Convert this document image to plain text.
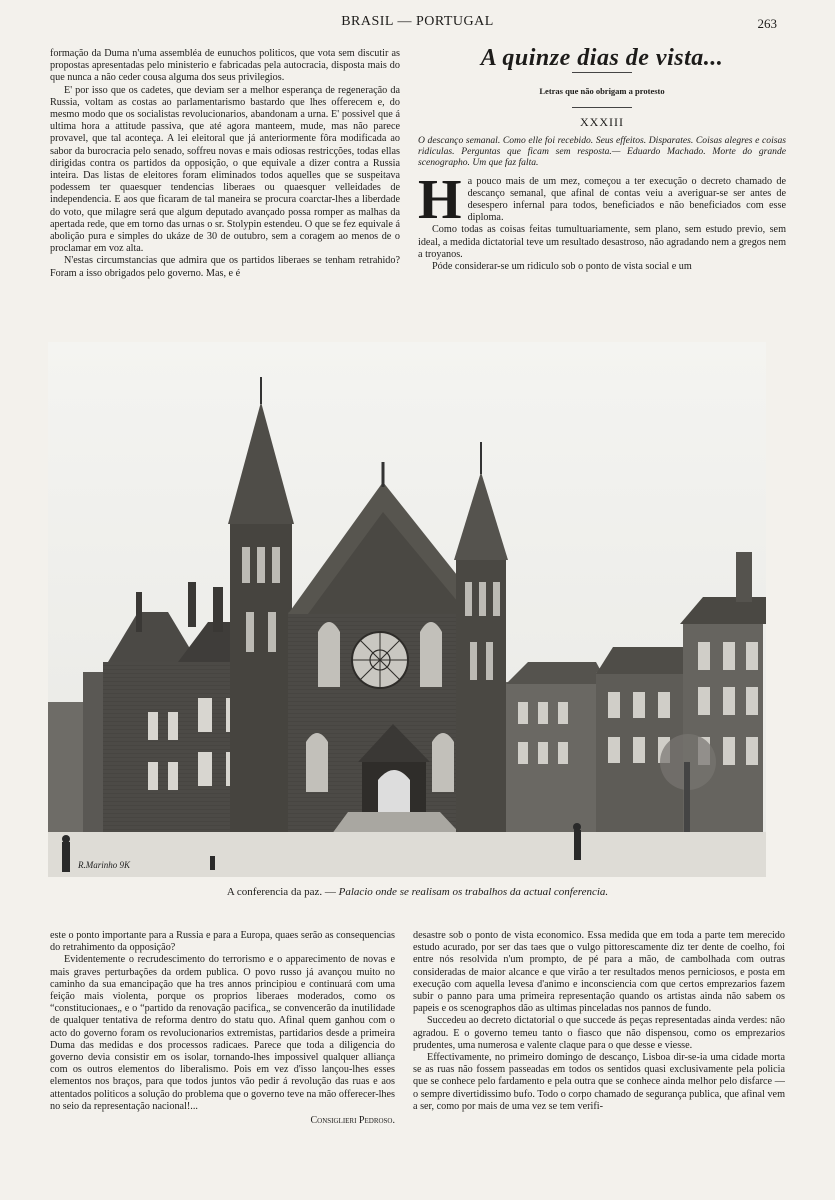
BRASIL — PORTUGAL	263

formação da Duma n'uma assembléa de eunuchos politicos, que vota sem discutir as propostas apresentadas pelo ministerio e fabricadas pela autocracia, disposta mais do que nunca a não ceder cousa alguma dos seus privilegios.

E' por isso que os cadetes, que deviam ser a melhor esperança de regeneração da Russia, voltam as costas ao parlamentarismo bastardo que lhes offerecem e, do mesmo modo que os socialistas revolucionarios, abandonam a urna. E' possivel que á ultima hora a attitude passiva, que até agora manteem, mude, mas não parece provavel, que tal aconteça. A lei eleitoral que já anteriormente fôra modificada ao sabor da burocracia pelo senado, soffreu novas e mais odiosas restricções, todas ellas dirigidas contra os partidos da opposição, o que equivale a dizer contra a Russia inteira. Das listas de eleitores foram eliminados todos aquelles que se suspeitava podessem ter quaesquer tendencias liberaes ou quaesquer velleidades de independencia. E aos que ficaram de tal maneira se procura coarctar-lhes a liberdade do voto, que milagre será que algum deputado avançado possa romper as malhas da apertada rede, que em torno das urnas o sr. Stolypin estendeu. O que se fez equivale á abolição pura e simples do ukáze de 30 de outubro, sem a coragem ao menos de o proclamar em voz alta.

N'estas circumstancias que admira que os partidos liberaes se tenham retrahido? Foram a isso obrigados pelo governo. Mas, e é

A quinze dias de vista...
Letras que não obrigam a protesto
XXXIII
O descanço semanal. Como elle foi recebido. Seus effeitos. Disparates. Coisas alegres e coisas ridiculas. Perguntas que ficam sem resposta.— Eduardo Machado. Morte do grande scenographo. Um que faz falta.
H a pouco mais de um mez, começou a ter execução o decreto chamado de descanço semanal, que afinal de contas veiu a averiguar-se ser antes de desespero infernal para todos, beneficiados e não beneficiados com esse diploma.

Como todas as coisas feitas tumultuariamente, sem plano, sem estudo previo, sem ideal, a medida dictatorial teve um resultado desastroso, não agradando nem a gregos nem a troyanos.

Póde considerar-se um ridiculo sob o ponto de vista social e um

R.Marinho 9K
A conferencia da paz. — Palacio onde se realisam os trabalhos da actual conferencia.

este o ponto importante para a Russia e para a Europa, quaes serão as consequencias do retrahimento da opposição?

Evidentemente o recrudescimento do terrorismo e o apparecimento de novas e mais graves perturbações da ordem publica. O povo russo já avançou muito no caminho da sua emancipação que ha tres annos principiou e continuará com uma feição mais violenta, porque os proprios liberaes moderados, como os “constitucionaes„ e o “partido da renovação pacifica„ se convencerão da inutilidade de qualquer tentativa de reforma dentro do statu quo. Afinal quem ganhou com o acto do governo foram os revolucionarios extremistas, partidarios desde a primeira Duma das medidas e dos processos radicaes. Parece que toda a diligencia do governo devia consistir em os isolar, tornando-lhes impossivel qualquer alliança com os outros elementos do liberalismo. Pois em vez d'isso lançou-lhes esses elementos nos braços, para que todos juntos vão pedir á revolução das ruas e aos attentados politicos a solução do problema que o governo teve na mão offerecer-lhes no seio da representação nacional!...

Consiglieri Pedroso.

desastre sob o ponto de vista economico. Essa medida que em toda a parte tem merecido estudo acurado, por ser das taes que o vulgo pittorescamente diz ter dente de coelho, foi entre nós resolvida n'um prompto, de pé para a mão, de cambolhada com outras consideradas de maior alcance e que virão a ter resultados menos perniciosos, e posta em execução com aquella levesa d'animo e inconsciencia com que certos emprezarios fazem subir o panno para uma primeira representação quando os artistas ainda não sabem os papeis e os scenographos dão as ultimas pinceladas nos pannos de fundo.

Succedeu ao decreto dictatorial o que succede ás peças representadas ainda verdes: não agradou. E o governo temeu tanto o fiasco que não dispensou, como os emprezarios prudentes, uma numerosa e valente claque para o que desse e viesse.

Effectivamente, no primeiro domingo de descanço, Lisboa dir-se-ia uma cidade morta se as ruas não fossem passeadas em todos os sentidos quasi exclusivamente pela policia que se conhece pelo fardamento e pela outra que se conhece ainda melhor pelo disfarce — o sempre divertidissimo bufo. Todo o corpo chamado de segurança publica, que afinal vem a ser, como por mais de uma vez se tem verifi-
